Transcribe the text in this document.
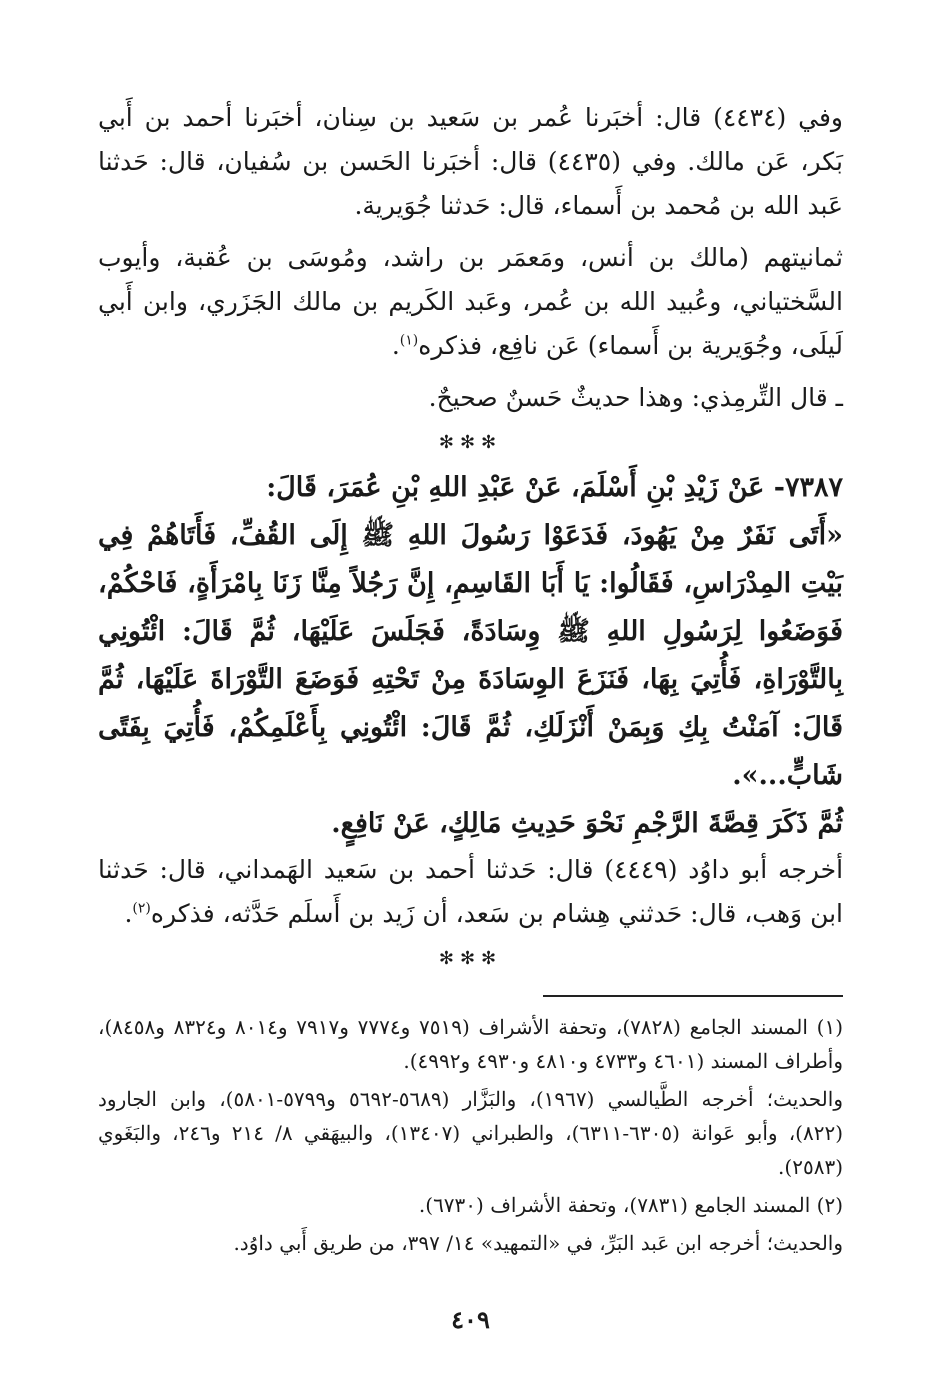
وفي (٤٤٣٤) قال: أخبَرنا عُمر بن سَعيد بن سِنان، أخبَرنا أحمد بن أَبي بَكر، عَن مالك. وفي (٤٤٣٥) قال: أخبَرنا الحَسن بن سُفيان، قال: حَدثنا عَبد الله بن مُحمد بن أَسماء، قال: حَدثنا جُوَيرية.

ثمانيتهم (مالك بن أنس، ومَعمَر بن راشد، ومُوسَى بن عُقبة، وأيوب السَّختياني، وعُبيد الله بن عُمر، وعَبد الكَريم بن مالك الجَزَري، وابن أَبي لَيلَى، وجُوَيرية بن أَسماء) عَن نافِع، فذكره$^{(١)}$.

ـ قال التِّرمِذي: وهذا حديثٌ حَسنٌ صحيحٌ.

✻✻✻

٧٣٨٧- عَنْ زَيْدِ بْنِ أَسْلَمَ، عَنْ عَبْدِ اللهِ بْنِ عُمَرَ، قَالَ:

«أَتَى نَفَرٌ مِنْ يَهُودَ، فَدَعَوْا رَسُولَ اللهِ ﷺ إِلَى القُفِّ، فَأَتَاهُمْ فِي بَيْتِ المِدْرَاسِ، فَقَالُوا: يَا أَبَا القَاسِمِ، إِنَّ رَجُلاً مِنَّا زَنَا بِامْرَأَةٍ، فَاحْكُمْ، فَوَضَعُوا لِرَسُولِ اللهِ ﷺ وِسَادَةً، فَجَلَسَ عَلَيْهَا، ثُمَّ قَالَ: ائْتُونِي بِالتَّوْرَاةِ، فَأُتِيَ بِهَا، فَنَزَعَ الوِسَادَةَ مِنْ تَحْتِهِ فَوَضَعَ التَّوْرَاةَ عَلَيْهَا، ثُمَّ قَالَ: آمَنْتُ بِكِ وَبِمَنْ أَنْزَلَكِ، ثُمَّ قَالَ: ائْتُونِي بِأَعْلَمِكُمْ، فَأُتِيَ بِفَتًى شَابٍّ...».

ثُمَّ ذَكَرَ قِصَّةَ الرَّجْمِ نَحْوَ حَدِيثِ مَالِكٍ، عَنْ نَافِعٍ.

أخرجه أبو داوُد (٤٤٤٩) قال: حَدثنا أحمد بن سَعيد الهَمداني، قال: حَدثنا ابن وَهب، قال: حَدثني هِشام بن سَعد، أن زَيد بن أَسلَم حَدَّثه، فذكره$^{(٢)}$.

✻✻✻

(١) المسند الجامع (٧٨٢٨)، وتحفة الأشراف (٧٥١٩ و٧٧٧٤ و٧٩١٧ و٨٠١٤ و٨٣٢٤ و٨٤٥٨)، وأطراف المسند (٤٦٠١ و٤٧٣٣ و٤٨١٠ و٤٩٣٠ و٤٩٩٢).

والحديث؛ أخرجه الطَّيالسي (١٩٦٧)، والبَزَّار (٥٦٨٩-٥٦٩٢ و٥٧٩٩-٥٨٠١)، وابن الجارود (٨٢٢)، وأبو عَوانة (٦٣٠٥-٦٣١١)، والطبراني (١٣٤٠٧)، والبيهَقي ٨/ ٢١٤ و٢٤٦، والبَغَوي (٢٥٨٣).

(٢) المسند الجامع (٧٨٣١)، وتحفة الأشراف (٦٧٣٠).

والحديث؛ أخرجه ابن عَبد البَرِّ، في «التمهيد» ١٤/ ٣٩٧، من طريق أَبي داوُد.

٤٠٩
